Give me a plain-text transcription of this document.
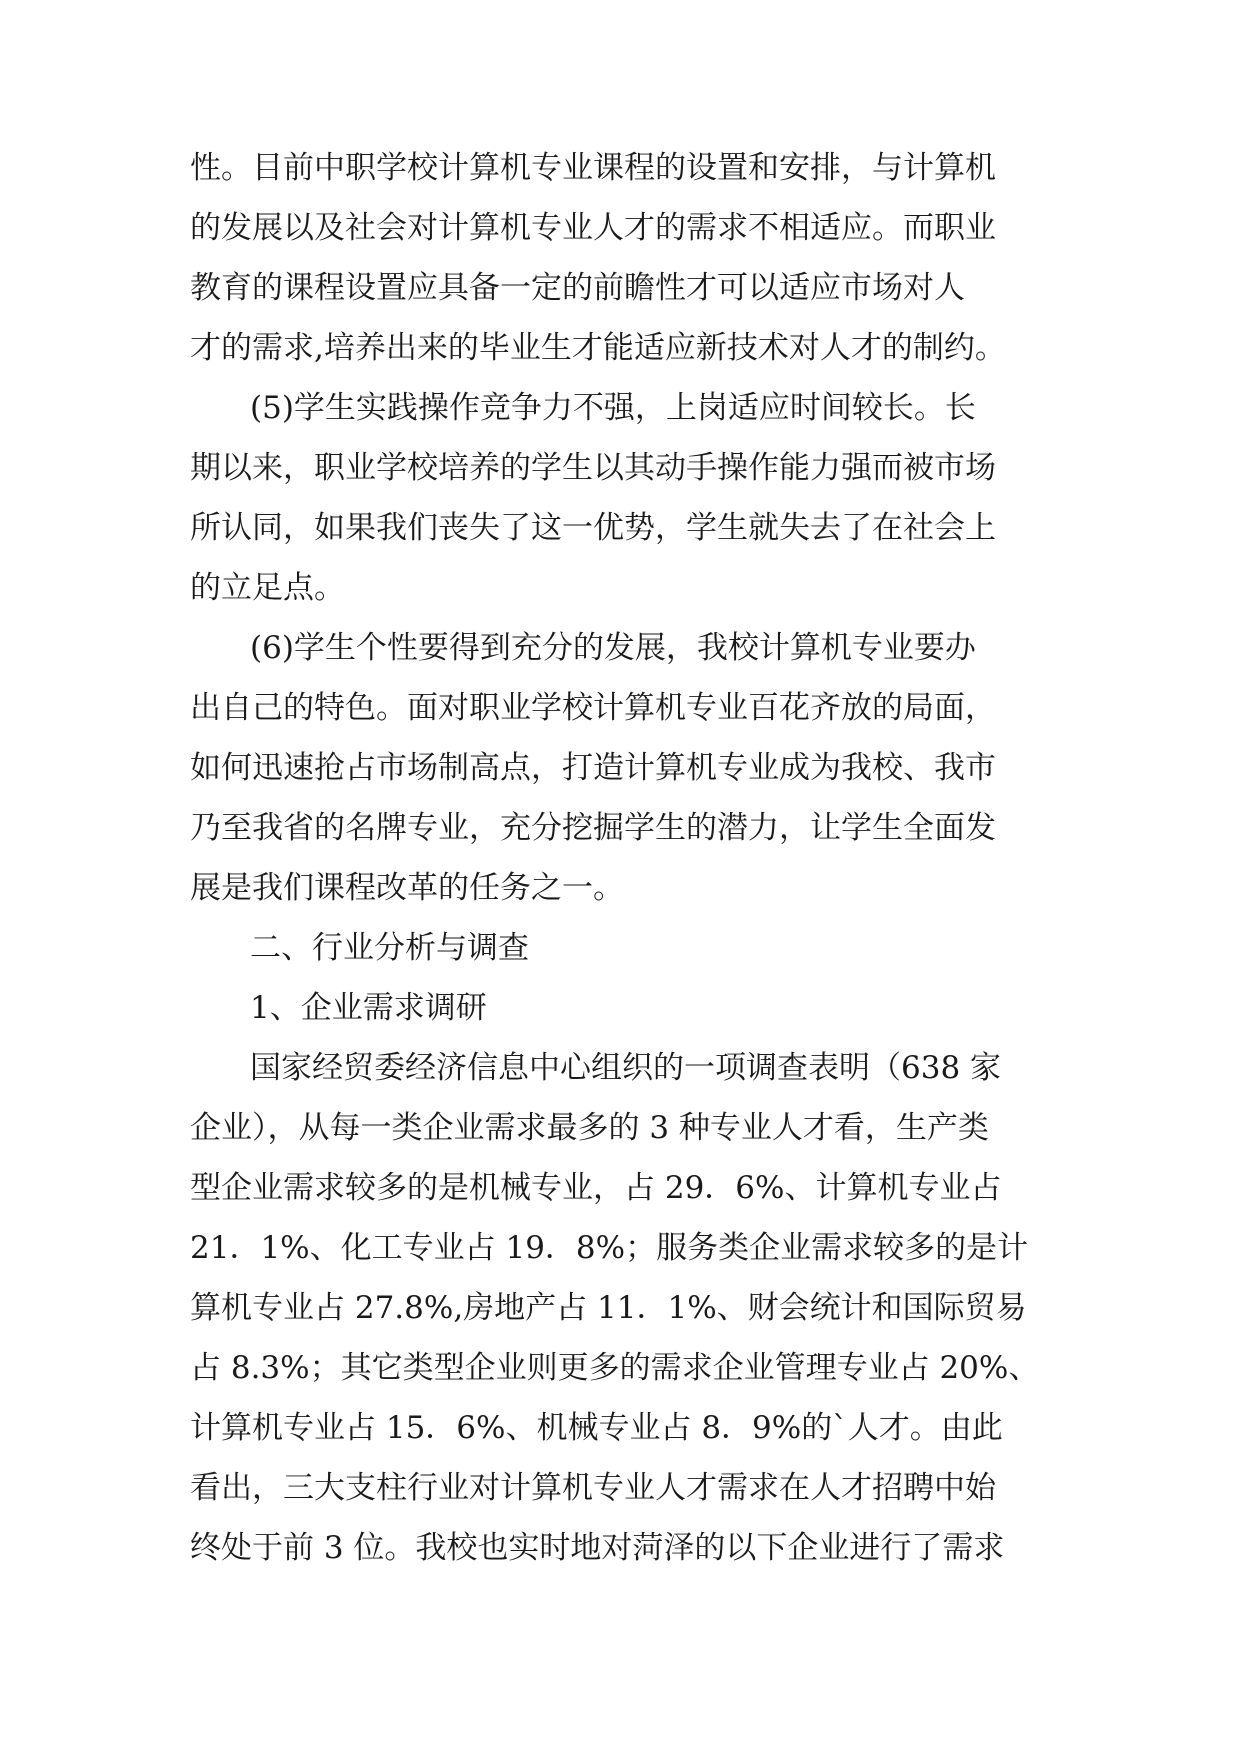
性。目前中职学校计算机专业课程的设置和安排，与计算机
的发展以及社会对计算机专业人才的需求不相适应。而职业
教育的课程设置应具备一定的前瞻性才可以适应市场对人
才的需求,培养出来的毕业生才能适应新技术对人才的制约。
(5)学生实践操作竞争力不强，上岗适应时间较长。长
期以来，职业学校培养的学生以其动手操作能力强而被市场
所认同，如果我们丧失了这一优势，学生就失去了在社会上
的立足点。
(6)学生个性要得到充分的发展，我校计算机专业要办
出自己的特色。面对职业学校计算机专业百花齐放的局面，
如何迅速抢占市场制高点，打造计算机专业成为我校、我市
乃至我省的名牌专业，充分挖掘学生的潜力，让学生全面发
展是我们课程改革的任务之一。
二、行业分析与调查
1、企业需求调研
国家经贸委经济信息中心组织的一项调查表明（638 家
企业），从每一类企业需求最多的 3 种专业人才看，生产类
型企业需求较多的是机械专业，占 29．6%、计算机专业占
21．1%、化工专业占 19．8%；服务类企业需求较多的是计
算机专业占 27.8%,房地产占 11．1%、财会统计和国际贸易
占 8.3%；其它类型企业则更多的需求企业管理专业占 20%、
计算机专业占 15．6%、机械专业占 8．9%的`人才。由此
看出，三大支柱行业对计算机专业人才需求在人才招聘中始
终处于前 3 位。我校也实时地对菏泽的以下企业进行了需求
